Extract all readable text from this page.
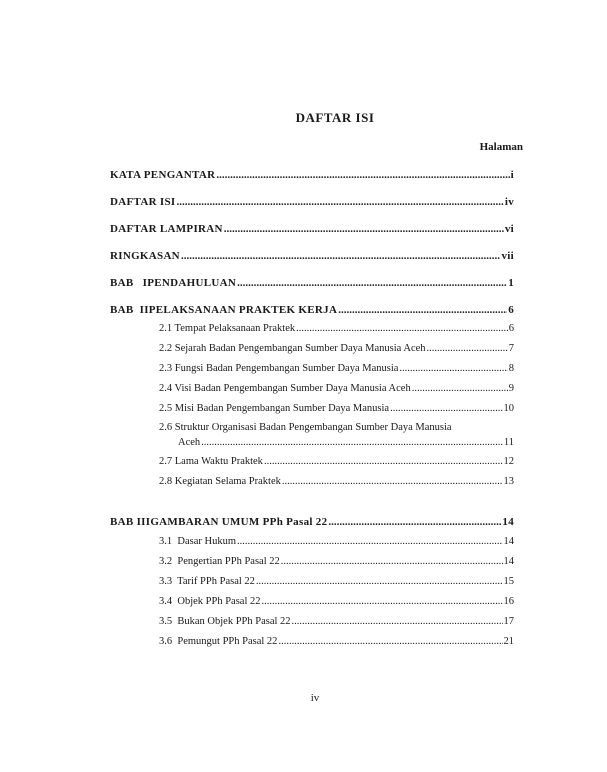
DAFTAR ISI
Halaman
KATA PENGANTAR .....	i
DAFTAR ISI .....	iv
DAFTAR LAMPIRAN .....	vi
RINGKASAN .....	vii
BAB   I PENDAHULUAN .....	1
BAB  II PELAKSANAAN PRAKTEK KERJA .....	6
2.1 Tempat Pelaksanaan Praktek .....	6
2.2 Sejarah Badan Pengembangan Sumber Daya Manusia Aceh .....	7
2.3 Fungsi Badan Pengembangan Sumber Daya Manusia .....	8
2.4 Visi Badan Pengembangan Sumber Daya Manusia Aceh .....	9
2.5 Misi Badan Pengembangan Sumber Daya Manusia .....	10
2.6 Struktur Organisasi Badan Pengembangan Sumber Daya Manusia
Aceh .....	11
2.7 Lama Waktu Praktek .....	12
2.8 Kegiatan Selama Praktek .....	13
BAB III GAMBARAN UMUM PPh Pasal 22 .....	14
3.1  Dasar Hukum .....	14
3.2  Pengertian PPh Pasal 22 .....	14
3.3  Tarif PPh Pasal 22 .....	15
3.4  Objek PPh Pasal 22 .....	16
3.5  Bukan Objek PPh Pasal 22 .....	17
3.6  Pemungut PPh Pasal 22 .....	21
iv
